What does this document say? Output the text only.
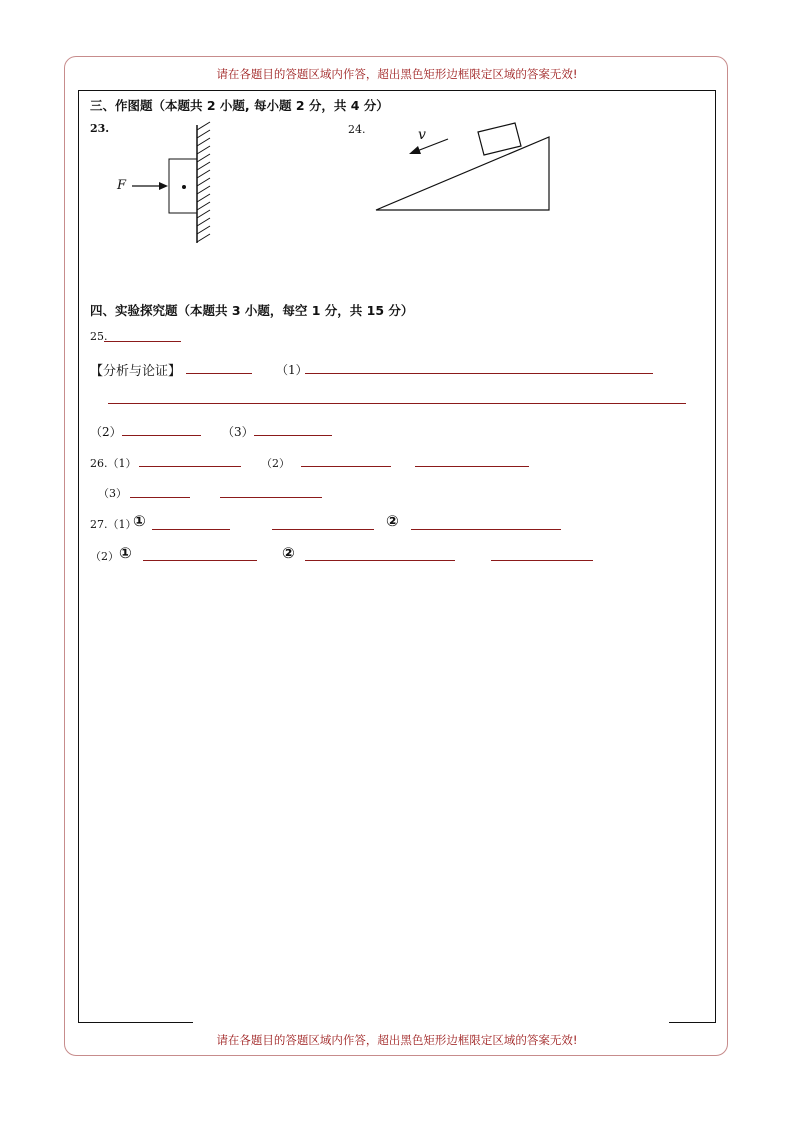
请在各题目的答题区域内作答，超出黑色矩形边框限定区域的答案无效!
请在各题目的答题区域内作答，超出黑色矩形边框限定区域的答案无效!
三、作图题（本题共 2 小题, 每小题 2 分，共 4 分）
23.
F
24.	v
四、实验探究题（本题共 3 小题，每空 1 分，共 15 分）
25.
【分析与论证】	（1）
（2）	（3）
26.（1）	（2）
（3）
27.（1）
①	②
（2） ①	②
